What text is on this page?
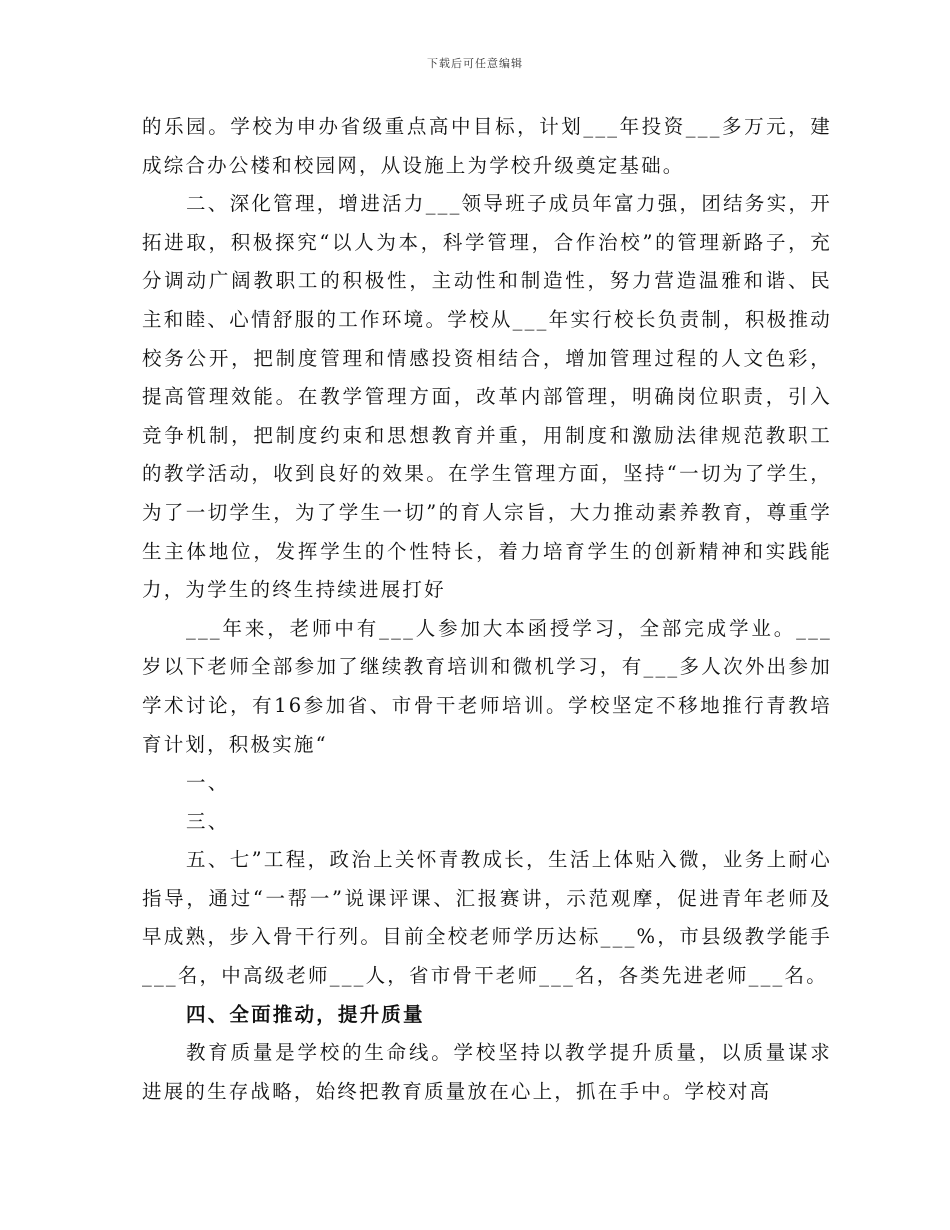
下载后可任意编辑

的乐园。学校为申办省级重点高中目标，计划___年投资___多万元，建成综合办公楼和校园网，从设施上为学校升级奠定基础。

二、深化管理，增进活力___领导班子成员年富力强，团结务实，开拓进取，积极探究“以人为本，科学管理，合作治校”的管理新路子，充分调动广阔教职工的积极性，主动性和制造性，努力营造温雅和谐、民主和睦、心情舒服的工作环境。学校从___年实行校长负责制，积极推动校务公开，把制度管理和情感投资相结合，增加管理过程的人文色彩，提高管理效能。在教学管理方面，改革内部管理，明确岗位职责，引入竞争机制，把制度约束和思想教育并重，用制度和激励法律规范教职工的教学活动，收到良好的效果。在学生管理方面，坚持“一切为了学生，为了一切学生，为了学生一切”的育人宗旨，大力推动素养教育，尊重学生主体地位，发挥学生的个性特长，着力培育学生的创新精神和实践能力，为学生的终生持续进展打好

___年来，老师中有___人参加大本函授学习，全部完成学业。___岁以下老师全部参加了继续教育培训和微机学习，有___多人次外出参加学术讨论，有16参加省、市骨干老师培训。学校坚定不移地推行青教培育计划，积极实施“

一、

三、

五、七”工程，政治上关怀青教成长，生活上体贴入微，业务上耐心指导，通过“一帮一”说课评课、汇报赛讲，示范观摩，促进青年老师及早成熟，步入骨干行列。目前全校老师学历达标___%，市县级教学能手___名，中高级老师___人，省市骨干老师___名，各类先进老师___名。

四、全面推动，提升质量

教育质量是学校的生命线。学校坚持以教学提升质量，以质量谋求进展的生存战略，始终把教育质量放在心上，抓在手中。学校对高
